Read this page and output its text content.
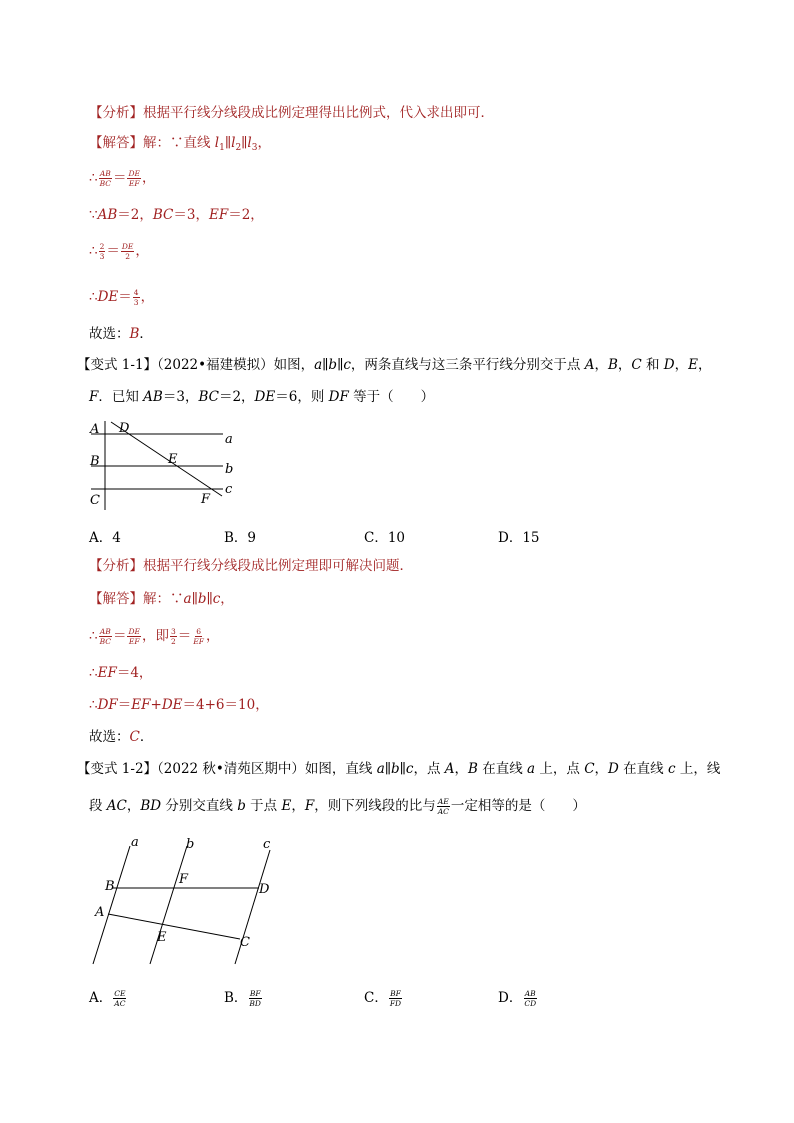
【分析】根据平行线分线段成比例定理得出比例式，代入求出即可．
【解答】解：∵直线 $l_1\parallel l_2\parallel l_3$，
∴ $\frac{AB}{BC} = \frac{DE}{EF}$ ，
∵AB＝2，BC＝3，EF＝2，
∴ $\frac{2}{3} = \frac{DE}{2}$ ，
∴DE＝ $\frac{4}{3}$ ，
故选：B．
【变式 1-1】（2022•福建模拟）如图，a∥b∥c，两条直线与这三条平行线分别交于点 A，B，C 和 D，E，
F．已知 AB＝3，BC＝2，DE＝6，则 DF 等于（　　）
A D
a
B	E
b
C	F
c
A．4	B．9	C．10	D．15
【分析】根据平行线分线段成比例定理即可解决问题．
【解答】解：∵a∥b∥c，
∴ $\frac{AB}{BC} = \frac{DE}{EF}$ ，即 $\frac{3}{2} = \frac{6}{EF}$ ，
∴EF＝4，
∴DF＝EF+DE＝4+6＝10，
故选：C．
【变式 1-2】（2022 秋•清苑区期中）如图，直线 a∥b∥c，点 A，B 在直线 a 上，点 C，D 在直线 c 上，线
段 AC，BD 分别交直线 b 于点 E，F，则下列线段的比与 $\frac{AE}{AC}$ 一定相等的是（　　）
a	b	c
B	F
D
A
E	C
A． $\frac{CE}{AC}$	B． $\frac{BF}{BD}$	C． $\frac{BF}{FD}$	D． $\frac{AB}{CD}$
